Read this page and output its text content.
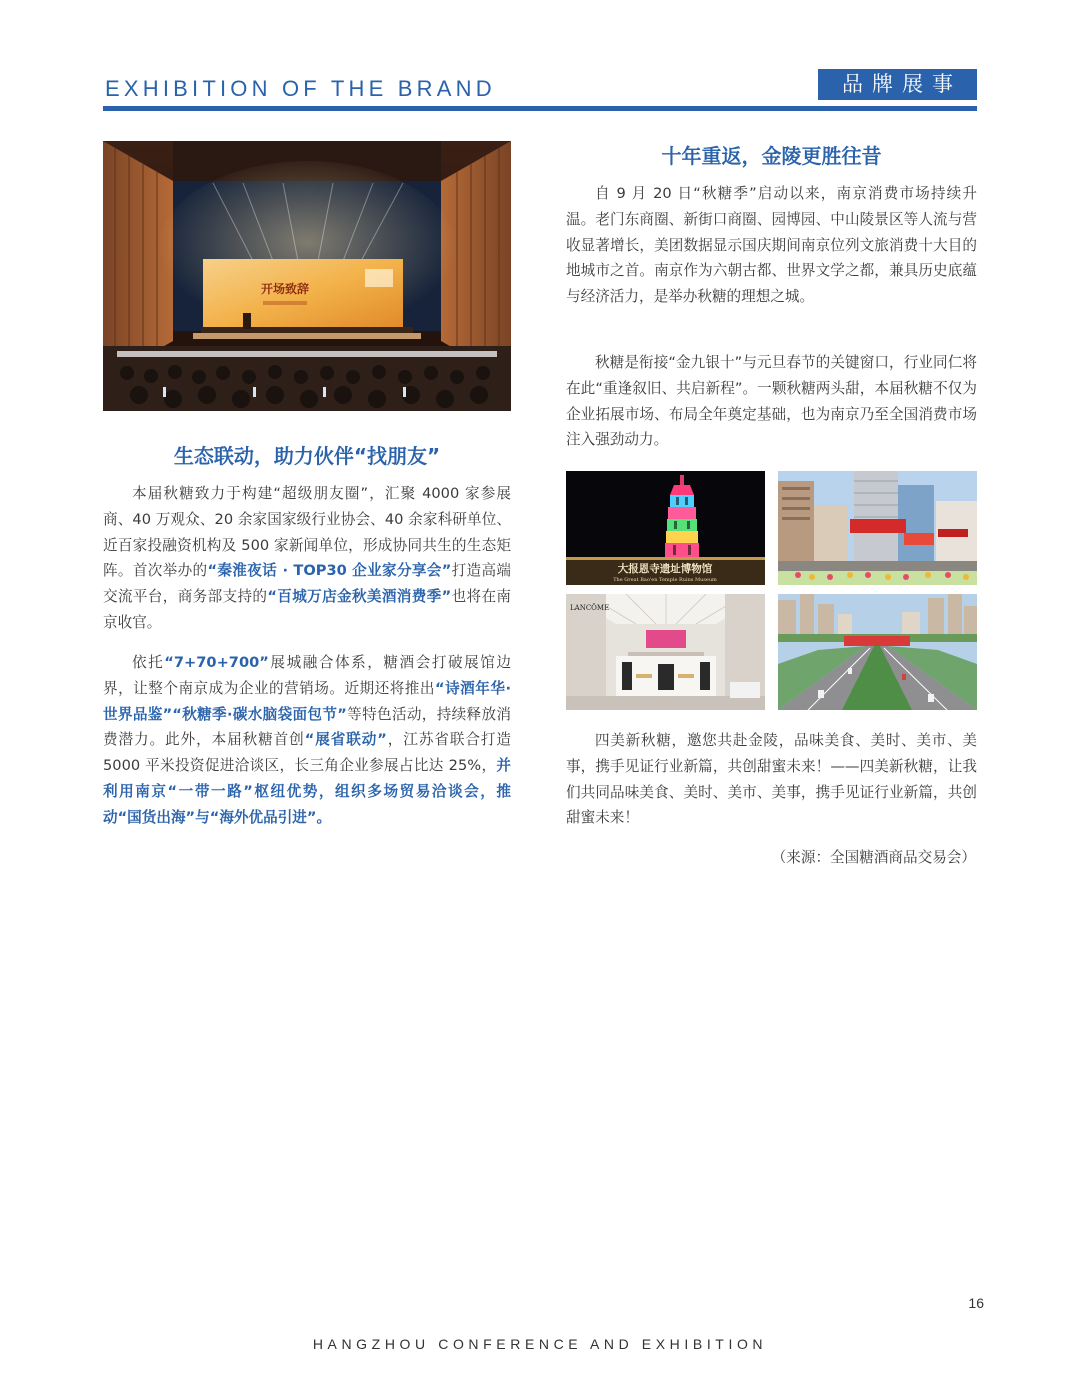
EXHIBITION OF THE BRAND	品牌展事
开场致辞
生态联动，助力伙伴“找朋友”

本届秋糖致力于构建“超级朋友圈”，汇聚 4000 家参展商、40 万观众、20 余家国家级行业协会、40 余家科研单位、近百家投融资机构及 500 家新闻单位，形成协同共生的生态矩阵。首次举办的“秦淮夜话 · TOP30 企业家分享会”打造高端交流平台，商务部支持的“百城万店金秋美酒消费季”也将在南京收官。

依托“7+70+700”展城融合体系，糖酒会打破展馆边界，让整个南京成为企业的营销场。近期还将推出“诗酒年华·世界品鉴”“秋糖季·碳水脑袋面包节”等特色活动，持续释放消费潜力。此外，本届秋糖首创“展省联动”，江苏省联合打造 5000 平米投资促进洽谈区，长三角企业参展占比达 25%，并利用南京“一带一路”枢纽优势，组织多场贸易洽谈会，推动“国货出海”与“海外优品引进”。

十年重返，金陵更胜往昔

自 9 月 20 日“秋糖季”启动以来，南京消费市场持续升温。老门东商圈、新街口商圈、园博园、中山陵景区等人流与营收显著增长，美团数据显示国庆期间南京位列文旅消费十大目的地城市之首。南京作为六朝古都、世界文学之都，兼具历史底蕴与经济活力，是举办秋糖的理想之城。

秋糖是衔接“金九银十”与元旦春节的关键窗口，行业同仁将在此“重逢叙旧、共启新程”。一颗秋糖两头甜，本届秋糖不仅为企业拓展市场、布局全年奠定基础，也为南京乃至全国消费市场注入强劲动力。

大报恩寺遗址博物馆
The Great Bao'en Temple Ruins Museum
LANCÔME

四美新秋糖，邀您共赴金陵，品味美食、美时、美市、美事，携手见证行业新篇，共创甜蜜未来！——四美新秋糖，让我们共同品味美食、美时、美市、美事，携手见证行业新篇，共创甜蜜未来！

（来源：全国糖酒商品交易会）
16
HANGZHOU CONFERENCE AND EXHIBITION
